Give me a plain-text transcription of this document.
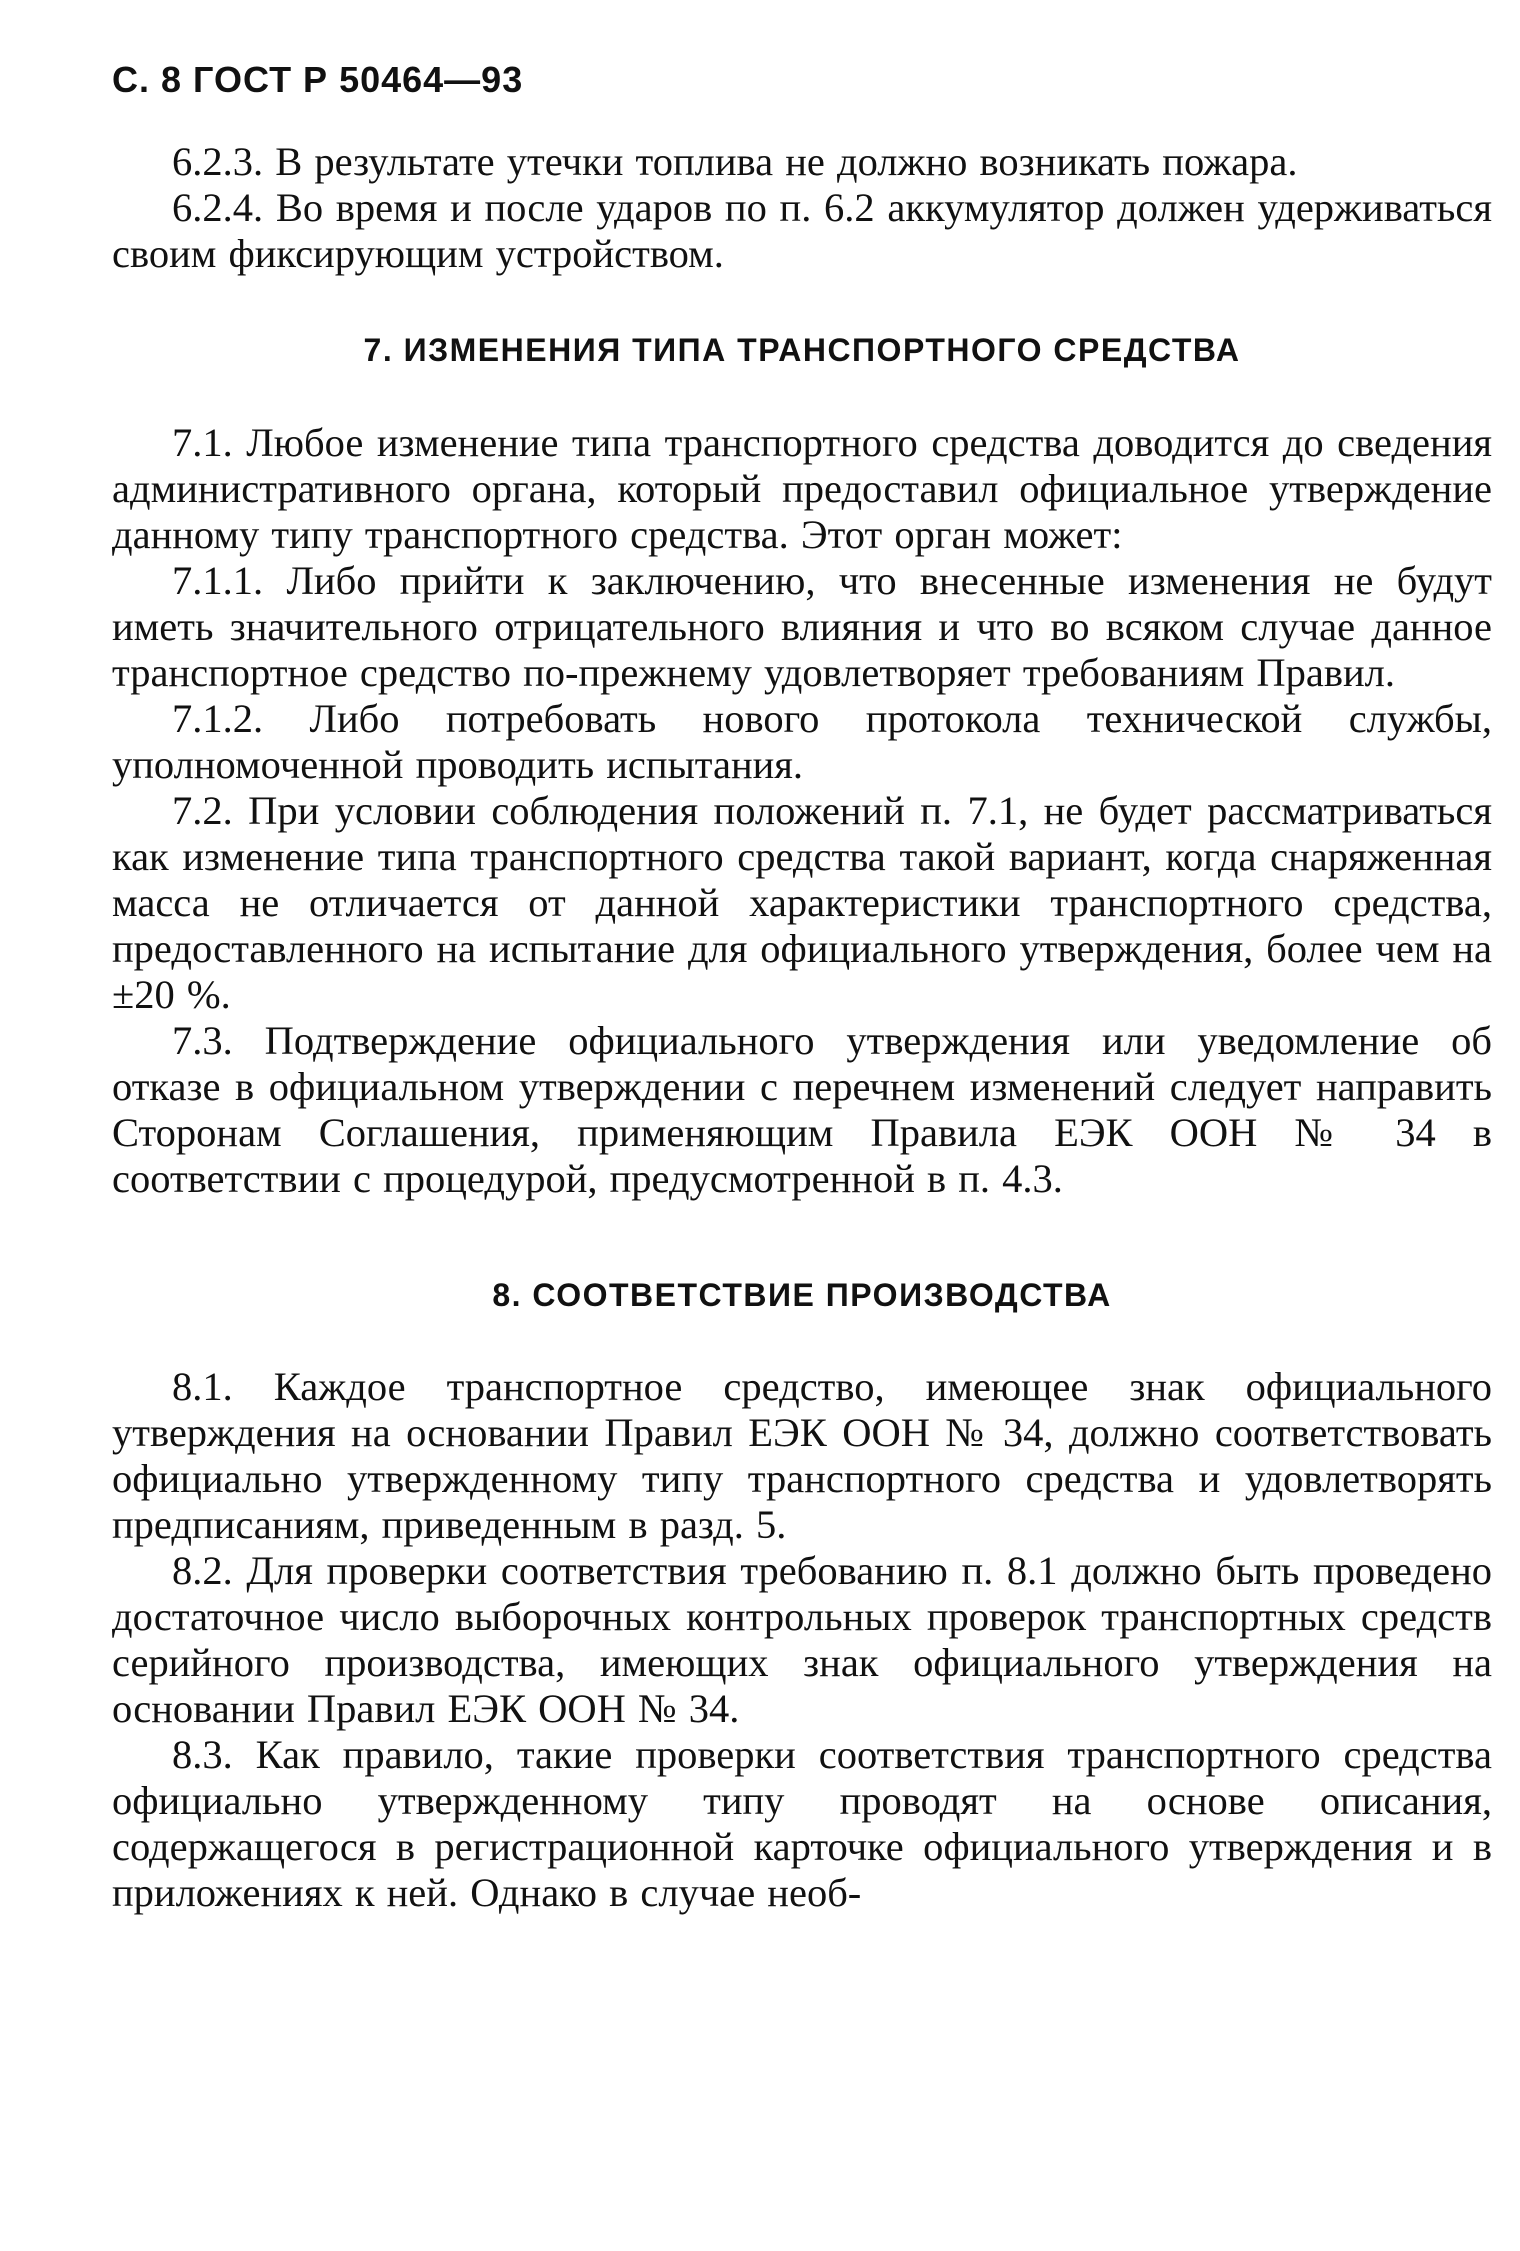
С. 8 ГОСТ Р 50464—93

6.2.3. В результате утечки топлива не должно возникать пожара.

6.2.4. Во время и после ударов по п. 6.2 аккумулятор должен удерживаться своим фиксирующим устройством.

7. ИЗМЕНЕНИЯ ТИПА ТРАНСПОРТНОГО СРЕДСТВА

7.1. Любое изменение типа транспортного средства доводится до сведения административного органа, который предоставил официальное утверждение данному типу транспортного средства. Этот орган может:

7.1.1. Либо прийти к заключению, что внесенные изменения не будут иметь значительного отрицательного влияния и что во всяком случае данное транспортное средство по-прежнему удовлетворяет требованиям Правил.

7.1.2. Либо потребовать нового протокола технической службы, уполномоченной проводить испытания.

7.2. При условии соблюдения положений п. 7.1, не будет рассматриваться как изменение типа транспортного средства такой вариант, когда снаряженная масса не отличается от данной характеристики транспортного средства, предоставленного на испытание для официального утверждения, более чем на ±20 %.

7.3. Подтверждение официального утверждения или уведомление об отказе в официальном утверждении с перечнем изменений следует направить Сторонам Соглашения, применяющим Правила ЕЭК ООН № 34 в соответствии с процедурой, предусмотренной в п. 4.3.

8. СООТВЕТСТВИЕ ПРОИЗВОДСТВА

8.1. Каждое транспортное средство, имеющее знак официального утверждения на основании Правил ЕЭК ООН № 34, должно соответствовать официально утвержденному типу транспортного средства и удовлетворять предписаниям, приведенным в разд. 5.

8.2. Для проверки соответствия требованию п. 8.1 должно быть проведено достаточное число выборочных контрольных проверок транспортных средств серийного производства, имеющих знак официального утверждения на основании Правил ЕЭК ООН № 34.

8.3. Как правило, такие проверки соответствия транспортного средства официально утвержденному типу проводят на основе описания, содержащегося в регистрационной карточке официального утверждения и в приложениях к ней. Однако в случае необ-
